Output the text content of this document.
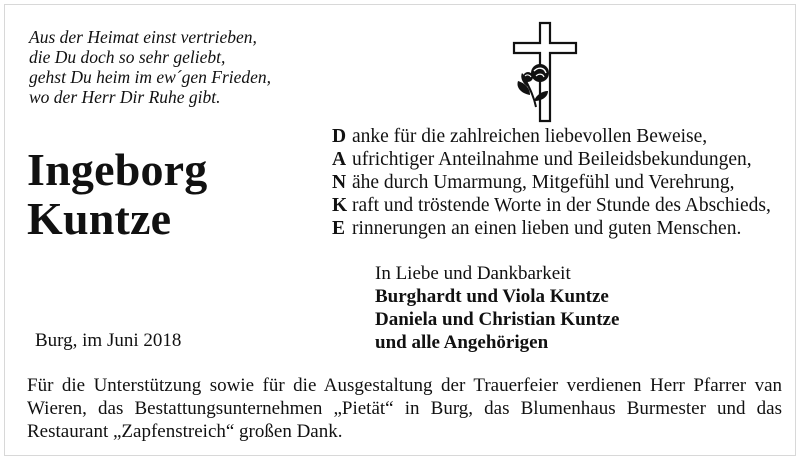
Aus der Heimat einst vertrieben,
die Du doch so sehr geliebt,
gehst Du heim im ew´gen Frieden,
wo der Herr Dir Ruhe gibt.
Ingeborg
Kuntze
D anke für die zahlreichen liebevollen Beweise,
A ufrichtiger Anteilnahme und Beileidsbekundungen,
N ähe durch Umarmung, Mitgefühl und Verehrung,
K raft und tröstende Worte in der Stunde des Abschieds,
E rinnerungen an einen lieben und guten Menschen.
In Liebe und Dankbarkeit
Burghardt und Viola Kuntze
Daniela und Christian Kuntze
und alle Angehörigen
Burg, im Juni 2018
Für die Unterstützung sowie für die Ausgestaltung der Trauerfeier verdienen Herr Pfarrer van Wieren, das Bestattungsunternehmen „Pietät“ in Burg, das Blumenhaus Burmester und das Restaurant „Zapfenstreich“ großen Dank.
